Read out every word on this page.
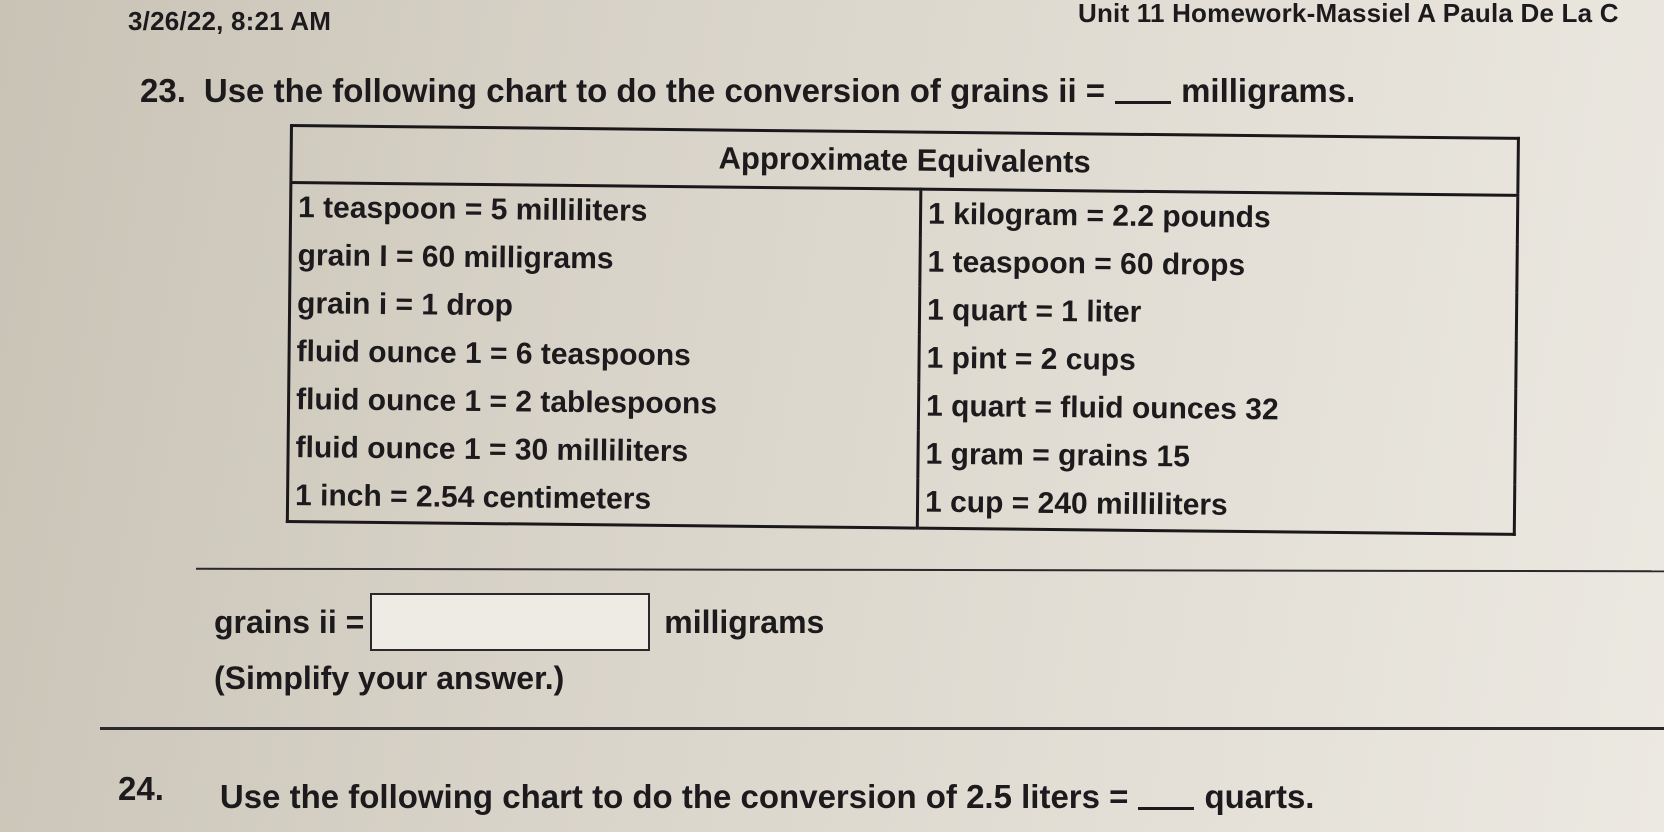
3/26/22, 8:21 AM	Unit 11 Homework-Massiel A Paula De La C
23. Use the following chart to do the conversion of grains ii = milligrams.
Approximate Equivalents	
1 teaspoon = 5 milliliters	1 kilogram = 2.2 pounds
grain I = 60 milligrams	1 teaspoon = 60 drops
grain i = 1 drop	1 quart = 1 liter
fluid ounce 1 = 6 teaspoons	1 pint = 2 cups
fluid ounce 1 = 2 tablespoons	1 quart = fluid ounces 32
fluid ounce 1 = 30 milliliters	1 gram = grains 15
1 inch = 2.54 centimeters	1 cup = 240 milliliters
grains ii =	milligrams
(Simplify your answer.)
24. Use the following chart to do the conversion of 2.5 liters = quarts.
